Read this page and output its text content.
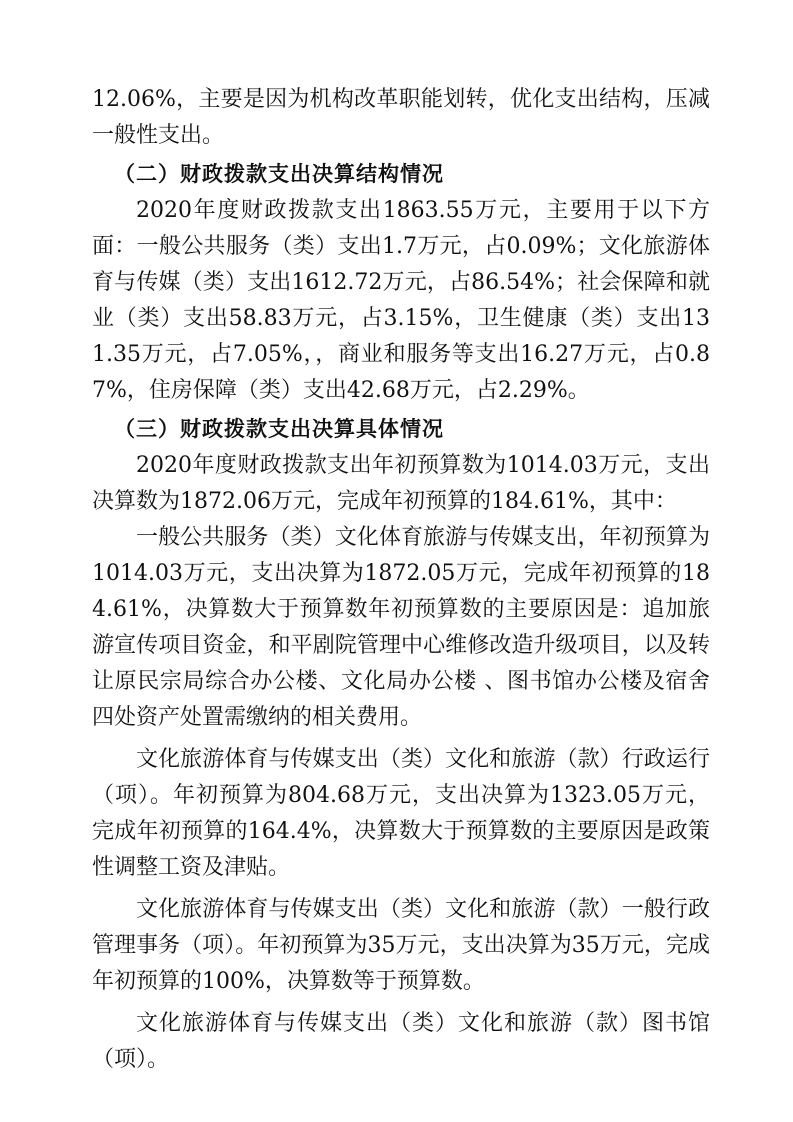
12.06%，主要是因为机构改革职能划转，优化支出结构，压减一般性支出。

（二）财政拨款支出决算结构情况

2020年度财政拨款支出1863.55万元，主要用于以下方面：一般公共服务（类）支出1.7万元，占0.09%；文化旅游体育与传媒（类）支出1612.72万元，占86.54%；社会保障和就业（类）支出58.83万元，占3.15%，卫生健康（类）支出131.35万元，占7.05%，，商业和服务等支出16.27万元，占0.87%，住房保障（类）支出42.68万元，占2.29%。

（三）财政拨款支出决算具体情况

2020年度财政拨款支出年初预算数为1014.03万元，支出决算数为1872.06万元，完成年初预算的184.61%，其中：

一般公共服务（类）文化体育旅游与传媒支出，年初预算为1014.03万元，支出决算为1872.05万元，完成年初预算的184.61%，决算数大于预算数年初预算数的主要原因是：追加旅游宣传项目资金，和平剧院管理中心维修改造升级项目，以及转让原民宗局综合办公楼、文化局办公楼 、图书馆办公楼及宿舍四处资产处置需缴纳的相关费用。

文化旅游体育与传媒支出（类）文化和旅游（款）行政运行（项）。年初预算为804.68万元，支出决算为1323.05万元，完成年初预算的164.4%，决算数大于预算数的主要原因是政策性调整工资及津贴。

文化旅游体育与传媒支出（类）文化和旅游（款）一般行政管理事务（项）。年初预算为35万元，支出决算为35万元，完成年初预算的100%，决算数等于预算数。

文化旅游体育与传媒支出（类）文化和旅游（款）图书馆（项）。
